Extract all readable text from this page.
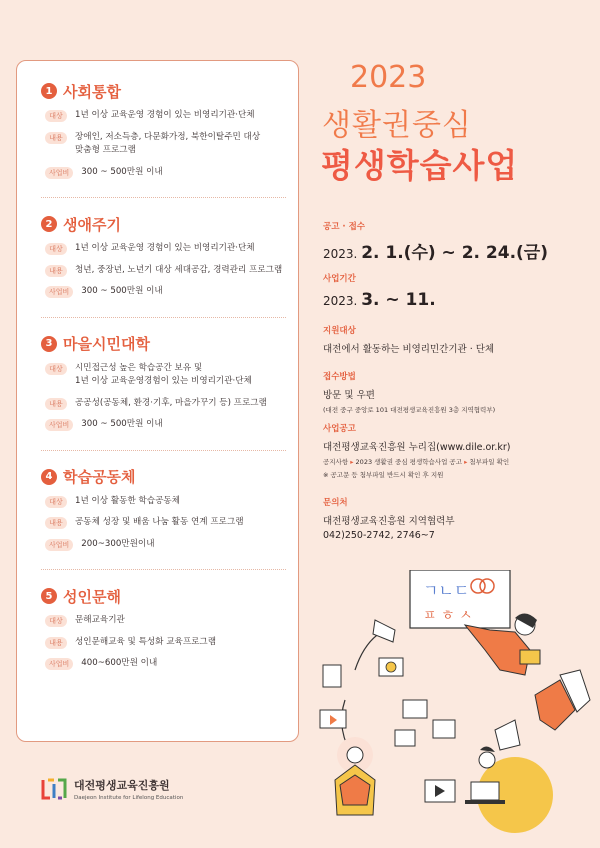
1 사회통합
대상	1년 이상 교육운영 경험이 있는 비영리기관·단체
내용	장애인, 저소득층, 다문화가정, 북한이탈주민 대상
맞춤형 프로그램
사업비	300 ~ 500만원 이내
2 생애주기
대상	1년 이상 교육운영 경험이 있는 비영리기관·단체
내용	청년, 중장년, 노년기 대상 세대공감, 경력관리 프로그램
사업비	300 ~ 500만원 이내
3 마을시민대학
대상	시민접근성 높은 학습공간 보유 및
1년 이상 교육운영경험이 있는 비영리기관·단체
내용	공공성(공동체, 환경·기후, 마을가꾸기 등) 프로그램
사업비	300 ~ 500만원 이내
4 학습공동체
대상	1년 이상 활동한 학습공동체
내용	공동체 성장 및 배움 나눔 활동 연계 프로그램
사업비	200~300만원이내
5 성인문해
대상	문해교육기관
내용	성인문해교육 및 특성화 교육프로그램
사업비	400~600만원 이내
대전평생교육진흥원
Daejeon Institute for Lifelong Education
2023
생활권중심
평생학습사업
공고 · 접수
2023. 2. 1.(수) ~ 2. 24.(금)
사업기간
2023. 3. ~ 11.
지원대상
대전에서 활동하는 비영리민간기관 · 단체
접수방법
방문 및 우편
(대전 중구 중앙로 101 대전평생교육진흥원 3층 지역협력부)
사업공고
대전평생교육진흥원 누리집(www.dile.or.kr)
공지사항 ▸ 2023 생활권 중심 평생학습사업 공고 ▸ 첨부파일 확인
※ 공고문 등 첨부파일 반드시 확인 후 지원
문의처
대전평생교육진흥원 지역협력부
042)250-2742, 2746~7
ㄱㄴㄷ
ㅍ ㅎ ㅅ
